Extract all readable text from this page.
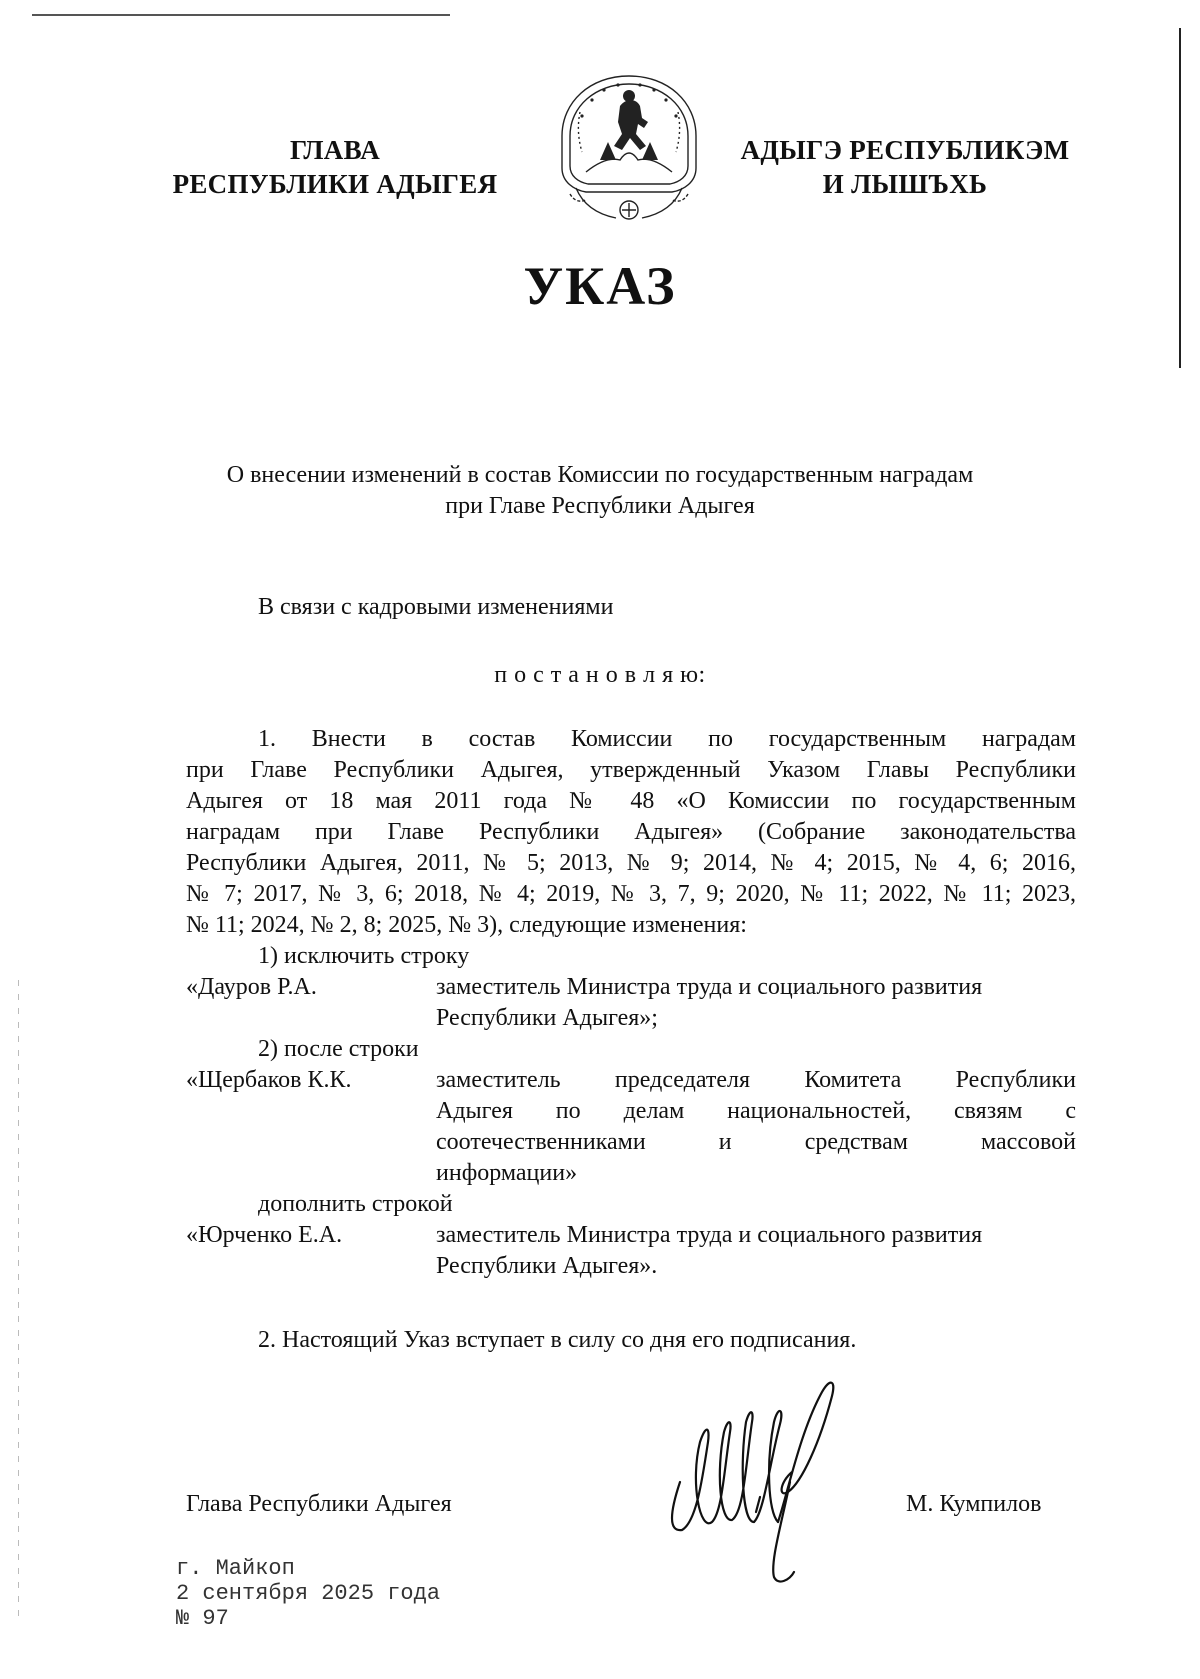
ГЛАВА
РЕСПУБЛИКИ АДЫГЕЯ
АДЫГЭ РЕСПУБЛИКЭМ
И ЛЫШЪХЬ
УКАЗ
О внесении изменений в состав Комиссии по государственным наградам
при Главе Республики Адыгея
В связи с кадровыми изменениями
п о с т а н о в л я ю:
1. Внести в состав Комиссии по государственным наградам
при Главе Республики Адыгея, утвержденный Указом Главы Республики
Адыгея от 18 мая 2011 года № 48 «О Комиссии по государственным
наградам при Главе Республики Адыгея» (Собрание законодательства
Республики Адыгея, 2011, № 5; 2013, № 9; 2014, № 4; 2015, № 4, 6; 2016,
№ 7; 2017, № 3, 6; 2018, № 4; 2019, № 3, 7, 9; 2020, № 11; 2022, № 11; 2023,
№ 11; 2024, № 2, 8; 2025, № 3), следующие изменения:
1) исключить строку
«Дауров Р.А.	заместитель Министра труда и социального развития
Республики Адыгея»;
2) после строки
«Щербаков К.К.	заместитель председателя Комитета Республики
Адыгея по делам национальностей, связям с
соотечественниками и средствам массовой
информации»
дополнить строкой
«Юрченко Е.А.	заместитель Министра труда и социального развития
Республики Адыгея».
2. Настоящий Указ вступает в силу со дня его подписания.
Глава Республики Адыгея	М. Кумпилов
г. Майкоп
2 сентября 2025 года
№ 97
